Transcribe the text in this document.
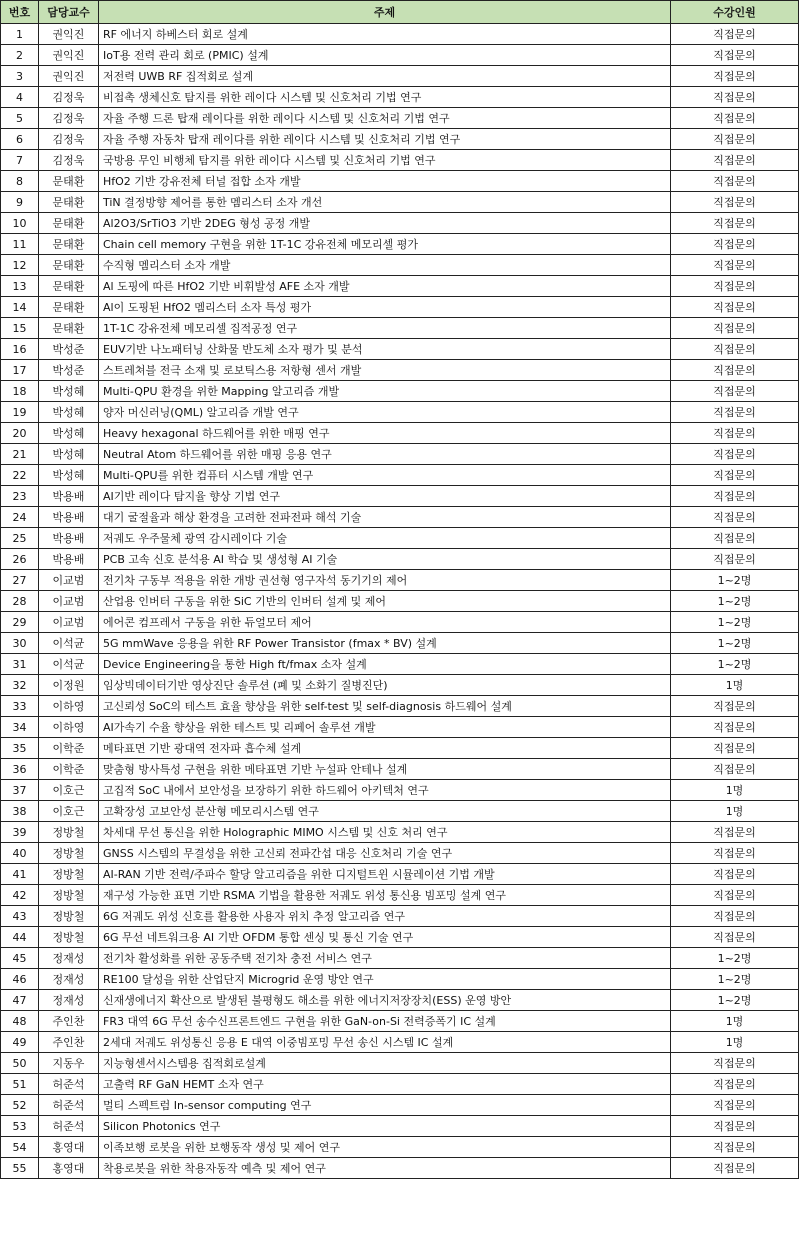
번호	담당교수	주제	수강인원
1	권익진	RF 에너지 하베스터 회로 설계	직접문의
2	권익진	IoT용 전력 관리 회로 (PMIC) 설계	직접문의
3	권익진	저전력 UWB RF 집적회로 설계	직접문의
4	김정욱	비접촉 생체신호 탐지를 위한 레이다 시스템 및 신호처리 기법 연구	직접문의
5	김정욱	자율 주행 드론 탑재 레이다를 위한 레이다 시스템 및 신호처리 기법 연구	직접문의
6	김정욱	자율 주행 자동차 탑재 레이다를 위한 레이다 시스템 및 신호처리 기법 연구	직접문의
7	김정욱	국방용 무인 비행체 탐지를 위한 레이다 시스템 및 신호처리 기법 연구	직접문의
8	문태환	HfO2 기반 강유전체 터널 접합 소자 개발	직접문의
9	문태환	TiN 결정방향 제어를 통한 멤리스터 소자 개선	직접문의
10	문태환	Al2O3/SrTiO3 기반 2DEG 형성 공정 개발	직접문의
11	문태환	Chain cell memory 구현을 위한 1T-1C 강유전체 메모리셀 평가	직접문의
12	문태환	수직형 멤리스터 소자 개발	직접문의
13	문태환	Al 도핑에 따른 HfO2 기반 비휘발성 AFE 소자 개발	직접문의
14	문태환	Al이 도핑된 HfO2 멤리스터 소자 특성 평가	직접문의
15	문태환	1T-1C 강유전체 메모리셀 집적공정 연구	직접문의
16	박성준	EUV기반 나노패터닝 산화물 반도체 소자 평가 및 분석	직접문의
17	박성준	스트레쳐블 전극 소재 및 로보틱스용 저항형 센서 개발	직접문의
18	박성혜	Multi-QPU 환경을 위한 Mapping 알고리즘 개발	직접문의
19	박성혜	양자 머신러닝(QML) 알고리즘 개발 연구	직접문의
20	박성혜	Heavy hexagonal 하드웨어를 위한 매핑 연구	직접문의
21	박성혜	Neutral Atom 하드웨어를 위한 매핑 응용 연구	직접문의
22	박성혜	Multi-QPU를 위한 컴퓨터 시스템 개발 연구	직접문의
23	박용배	AI기반 레이다 탐지율 향상 기법 연구	직접문의
24	박용배	대기 굴절율과 해상 환경을 고려한 전파전파 해석 기술	직접문의
25	박용배	저궤도 우주물체 광역 감시레이다 기술	직접문의
26	박용배	PCB 고속 신호 분석용 AI 학습 및 생성형 AI 기술	직접문의
27	이교범	전기차 구동부 적용을 위한 개방 권선형 영구자석 동기기의 제어	1~2명
28	이교범	산업용 인버터 구동을 위한 SiC 기반의 인버터 설계 및 제어	1~2명
29	이교범	에어콘 컴프레서 구동을 위한 듀얼모터 제어	1~2명
30	이석균	5G mmWave 응용을 위한 RF Power Transistor (fmax * BV) 설계	1~2명
31	이석균	Device Engineering을 통한 High ft/fmax 소자 설계	1~2명
32	이정원	임상빅데이터기반 영상진단 솔루션 (폐 및 소화기 질병진단)	1명
33	이하영	고신뢰성 SoC의 테스트 효율 향상을 위한 self-test 및 self-diagnosis 하드웨어 설계	직접문의
34	이하영	AI가속기 수율 향상을 위한 테스트 및 리페어 솔루션 개발	직접문의
35	이학준	메타표면 기반 광대역 전자파 흡수체 설계	직접문의
36	이학준	맞춤형 방사특성 구현을 위한 메타표면 기반 누설파 안테나 설계	직접문의
37	이호근	고집적 SoC 내에서 보안성을 보장하기 위한 하드웨어 아키텍처 연구	1명
38	이호근	고확장성 고보안성 분산형 메모리시스템 연구	1명
39	정방철	차세대 무선 통신을 위한 Holographic MIMO 시스템 및 신호 처리 연구	직접문의
40	정방철	GNSS 시스템의 무결성을 위한 고신뢰 전파간섭 대응 신호처리 기술 연구	직접문의
41	정방철	AI-RAN 기반 전력/주파수 할당 알고리즘을 위한 디지털트윈 시뮬레이션 기법 개발	직접문의
42	정방철	재구성 가능한 표면 기반 RSMA 기법을 활용한 저궤도 위성 통신용 빔포밍 설계 연구	직접문의
43	정방철	6G 저궤도 위성 신호를 활용한 사용자 위치 추정 알고리즘 연구	직접문의
44	정방철	6G 무선 네트워크용 AI 기반 OFDM 통합 센싱 및 통신 기술 연구	직접문의
45	정재성	전기차 활성화를 위한 공동주택 전기차 충전 서비스 연구	1~2명
46	정재성	RE100 달성을 위한 산업단지 Microgrid 운영 방안 연구	1~2명
47	정재성	신재생에너지 확산으로 발생된 불평형도 해소를 위한 에너지저장장치(ESS) 운영 방안	1~2명
48	주인찬	FR3 대역 6G 무선 송수신프론트엔드 구현을 위한 GaN-on-Si 전력증폭기 IC 설계	1명
49	주인찬	2세대 저궤도 위성통신 응용 E 대역 이중빔포밍 무선 송신 시스템 IC 설계	1명
50	지동우	지능형센서시스템용 집적회로설계	직접문의
51	허준석	고출력 RF GaN HEMT 소자 연구	직접문의
52	허준석	멀티 스펙트럼 In-sensor computing 연구	직접문의
53	허준석	Silicon Photonics 연구	직접문의
54	홍영대	이족보행 로봇을 위한 보행동작 생성 및 제어 연구	직접문의
55	홍영대	착용로봇을 위한 착용자동작 예측 및 제어 연구	직접문의
